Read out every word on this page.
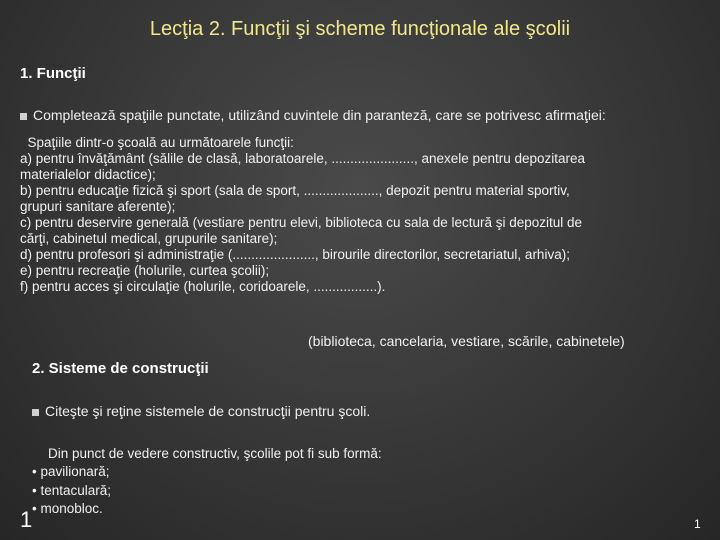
Lecţia 2. Funcţii şi scheme funcţionale ale şcolii
1. Funcţii
Completează spaţiile punctate, utilizând cuvintele din paranteză, care se potrivesc afirmaţiei:
Spaţiile dintr-o şcoală au următoarele funcţii:
a) pentru învăţământ (sălile de clasă, laboratoarele, ......................, anexele pentru depozitarea
materialelor didactice);
b) pentru educaţie fizică şi sport (sala de sport, ...................., depozit pentru material sportiv,
grupuri sanitare aferente);
c) pentru deservire generală (vestiare pentru elevi, biblioteca cu sala de lectură şi depozitul de
cărţi, cabinetul medical, grupurile sanitare);
d) pentru profesori şi administraţie (......................, birourile directorilor, secretariatul, arhiva);
e) pentru recreaţie (holurile, curtea şcolii);
f) pentru acces şi circulaţie (holurile, coridoarele, .................).
(biblioteca, cancelaria, vestiare, scările, cabinetele)
2. Sisteme de construcţii
Citeşte şi reţine sistemele de construcţii pentru şcoli.
Din punct de vedere constructiv, şcolile pot fi sub formă:
• pavilionară;
• tentaculară;
• monobloc.
1	1
